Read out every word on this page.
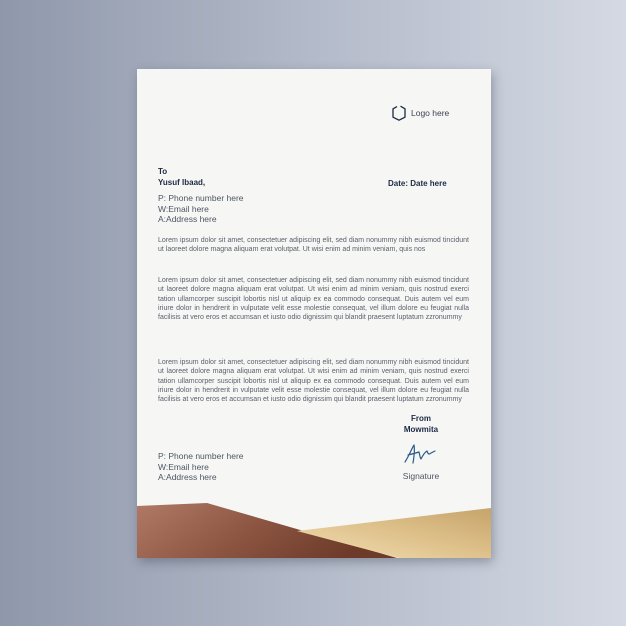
Logo here
To
Yusuf Ibaad,	Date: Date here
P: Phone number here
W:Email here
A:Address here
Lorem ipsum dolor sit amet, consectetuer adipiscing elit, sed diam nonummy nibh euismod tincidunt ut laoreet dolore magna aliquam erat volutpat. Ut wisi enim ad minim veniam, quis nos
Lorem ipsum dolor sit amet, consectetuer adipiscing elit, sed diam nonummy nibh euismod tincidunt ut laoreet dolore magna aliquam erat volutpat. Ut wisi enim ad minim veniam, quis nostrud exerci tation ullamcorper suscipit lobortis nisl ut aliquip ex ea commodo consequat. Duis autem vel eum iriure dolor in hendrerit in vulputate velit esse molestie consequat, vel illum dolore eu feugiat nulla facilisis at vero eros et accumsan et iusto odio dignissim qui blandit praesent luptatum zzronummy
Lorem ipsum dolor sit amet, consectetuer adipiscing elit, sed diam nonummy nibh euismod tincidunt ut laoreet dolore magna aliquam erat volutpat. Ut wisi enim ad minim veniam, quis nostrud exerci tation ullamcorper suscipit lobortis nisl ut aliquip ex ea commodo consequat. Duis autem vel eum iriure dolor in hendrerit in vulputate velit esse molestie consequat, vel illum dolore eu feugiat nulla facilisis at vero eros et accumsan et iusto odio dignissim qui blandit praesent luptatum zzronummy
From
Mowmita
Signature
P: Phone number here
W:Email here
A:Address here
